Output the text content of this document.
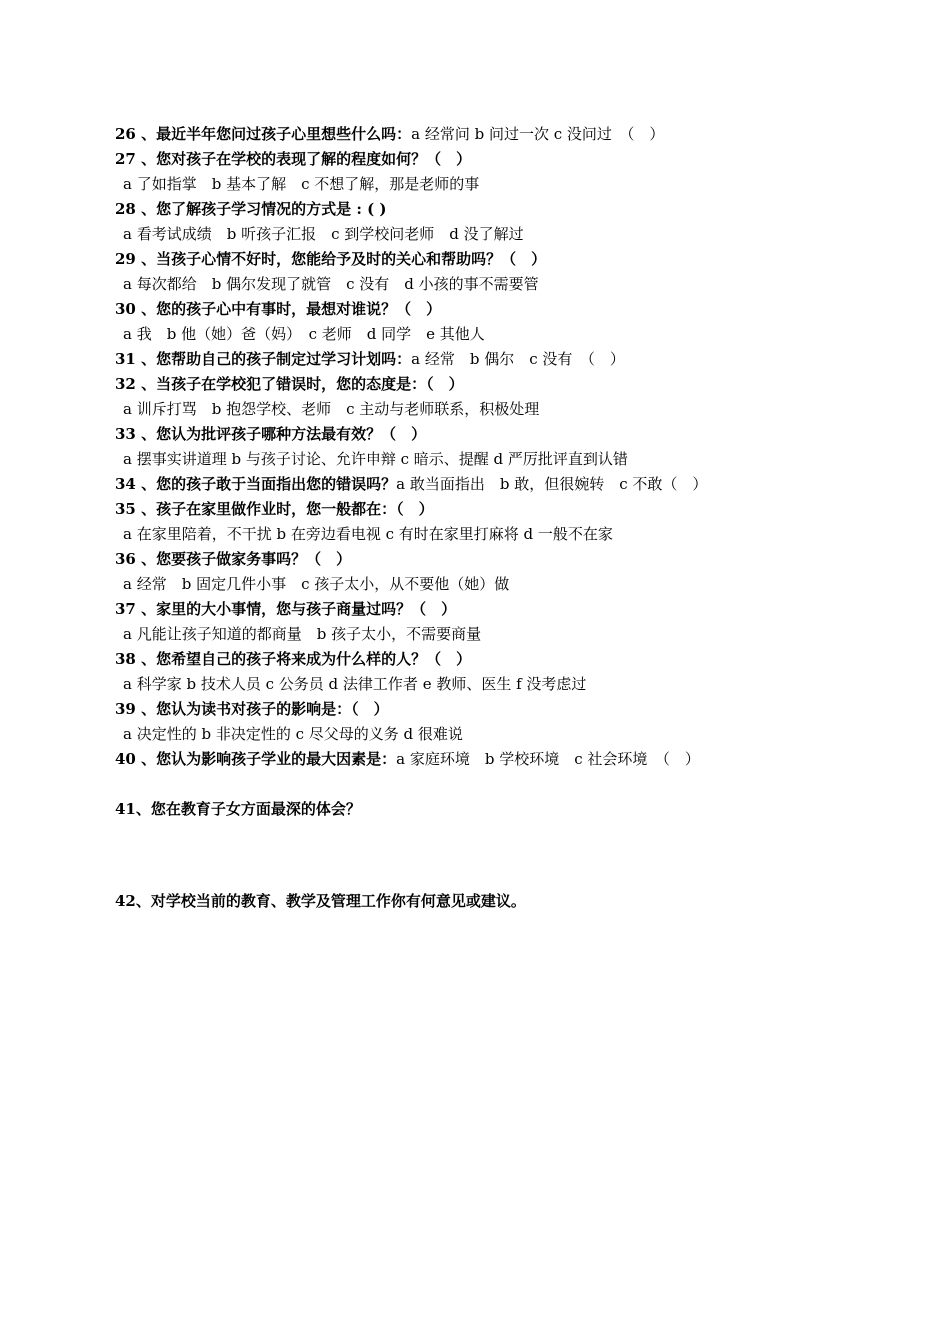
26 、最近半年您问过孩子心里想些什么吗：a 经常问 b 问过一次 c 没问过　（　）
27 、您对孩子在学校的表现了解的程度如何？（　）
a 了如指掌　b 基本了解　c 不想了解，那是老师的事
28 、您了解孩子学习情况的方式是 : ( )
a 看考试成绩　b 听孩子汇报　c 到学校问老师　d 没了解过
29 、当孩子心情不好时，您能给予及时的关心和帮助吗？（　）
a 每次都给　b 偶尔发现了就管　c 没有　d 小孩的事不需要管
30 、您的孩子心中有事时，最想对谁说？（　）
a 我　b 他（她）爸（妈）　c 老师　d 同学　e 其他人
31 、您帮助自己的孩子制定过学习计划吗：a 经常　b 偶尔　c 没有　（　）
32 、当孩子在学校犯了错误时，您的态度是：（　）
a 训斥打骂　b 抱怨学校、老师　c 主动与老师联系，积极处理
33 、您认为批评孩子哪种方法最有效？（　）
a 摆事实讲道理 b 与孩子讨论、允许申辩 c 暗示、提醒 d 严厉批评直到认错
34 、您的孩子敢于当面指出您的错误吗？a 敢当面指出　b 敢，但很婉转　c 不敢（　）
35 、孩子在家里做作业时，您一般都在：（　）
a 在家里陪着，不干扰 b 在旁边看电视 c 有时在家里打麻将 d 一般不在家
36 、您要孩子做家务事吗？（　）
a 经常　b 固定几件小事　c 孩子太小，从不要他（她）做
37 、家里的大小事情，您与孩子商量过吗？（　）
a 凡能让孩子知道的都商量　b 孩子太小，不需要商量
38 、您希望自己的孩子将来成为什么样的人？（　）
a 科学家 b 技术人员 c 公务员 d 法律工作者 e 教师、医生 f 没考虑过
39 、您认为读书对孩子的影响是：（　）
a 决定性的 b 非决定性的 c 尽父母的义务 d 很难说
40 、您认为影响孩子学业的最大因素是：a 家庭环境　b 学校环境　c 社会环境　（　）
41、您在教育子女方面最深的体会？
42、对学校当前的教育、教学及管理工作你有何意见或建议。
